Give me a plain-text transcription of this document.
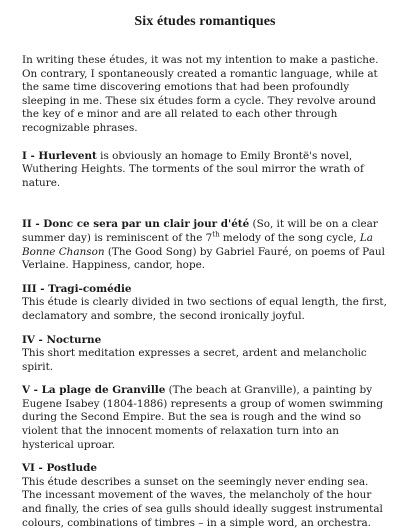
Six études romantiques

In writing these études, it was not my intention to make a pastiche. On contrary, I spontaneously created a romantic language, while at the same time discovering emotions that had been profoundly sleeping in me. These six études form a cycle. They revolve around the key of e minor and are all related to each other through recognizable phrases.

I - Hurlevent is obviously an homage to Emily Brontë's novel, Wuthering Heights. The torments of the soul mirror the wrath of nature.

II - Donc ce sera par un clair jour d'été (So, it will be on a clear summer day) is reminiscent of the 7th melody of the song cycle, La Bonne Chanson (The Good Song) by Gabriel Fauré, on poems of Paul Verlaine. Happiness, candor, hope.

III - Tragi-comédie

This étude is clearly divided in two sections of equal length, the first, declamatory and sombre, the second ironically joyful.

IV - Nocturne

This short meditation expresses a secret, ardent and melancholic spirit.

V - La plage de Granville (The beach at Granville), a painting by Eugene Isabey (1804-1886) represents a group of women swimming during the Second Empire. But the sea is rough and the wind so violent that the innocent moments of relaxation turn into an hysterical uproar.

VI - Postlude

This étude describes a sunset on the seemingly never ending sea. The incessant movement of the waves, the melancholy of the hour and finally, the cries of sea gulls should ideally suggest instrumental colours, combinations of timbres – in a simple word, an orchestra.
